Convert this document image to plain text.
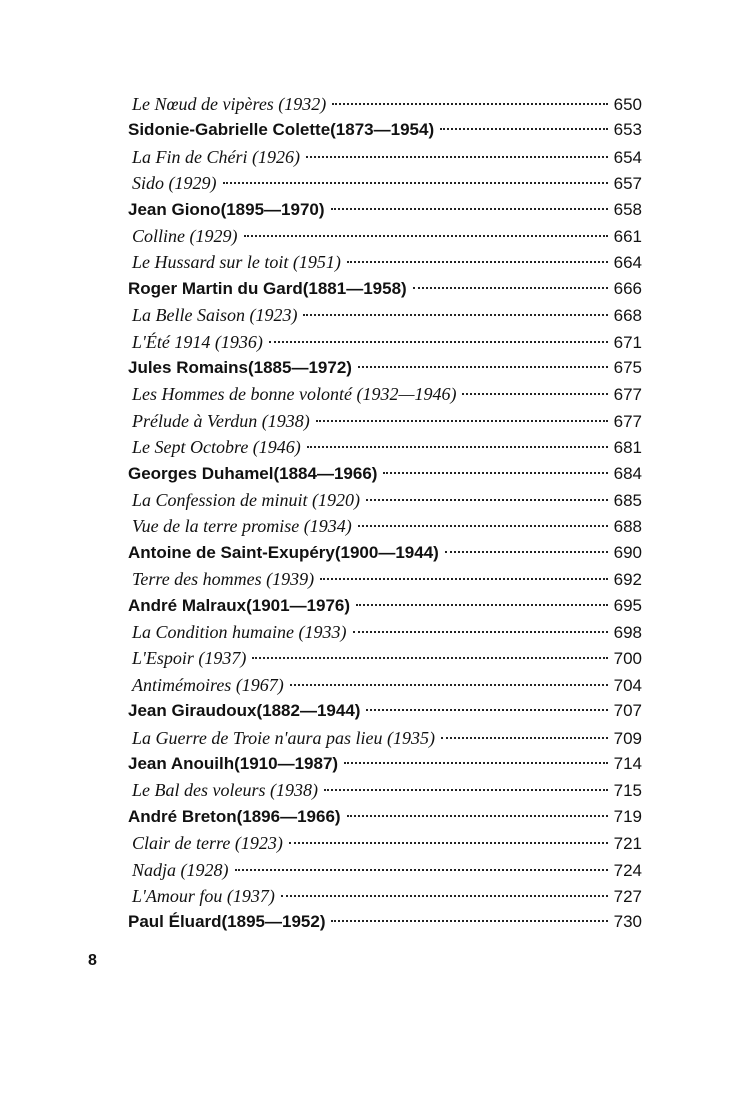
Le Nœud de vipères (1932)	650
Sidonie-Gabrielle Colette(1873—1954)	653
La Fin de Chéri (1926)	654
Sido (1929)	657
Jean Giono(1895—1970)	658
Colline (1929)	661
Le Hussard sur le toit (1951)	664
Roger Martin du Gard(1881—1958)	666
La Belle Saison (1923)	668
L'Été 1914 (1936)	671
Jules Romains(1885—1972)	675
Les Hommes de bonne volonté (1932—1946)	677
Prélude à Verdun (1938)	677
Le Sept Octobre (1946)	681
Georges Duhamel(1884—1966)	684
La Confession de minuit (1920)	685
Vue de la terre promise (1934)	688
Antoine de Saint-Exupéry(1900—1944)	690
Terre des hommes (1939)	692
André Malraux(1901—1976)	695
La Condition humaine (1933)	698
L'Espoir (1937)	700
Antimémoires (1967)	704
Jean Giraudoux(1882—1944)	707
La Guerre de Troie n'aura pas lieu (1935)	709
Jean Anouilh(1910—1987)	714
Le Bal des voleurs (1938)	715
André Breton(1896—1966)	719
Clair de terre (1923)	721
Nadja (1928)	724
L'Amour fou (1937)	727
Paul Éluard(1895—1952)	730
8
